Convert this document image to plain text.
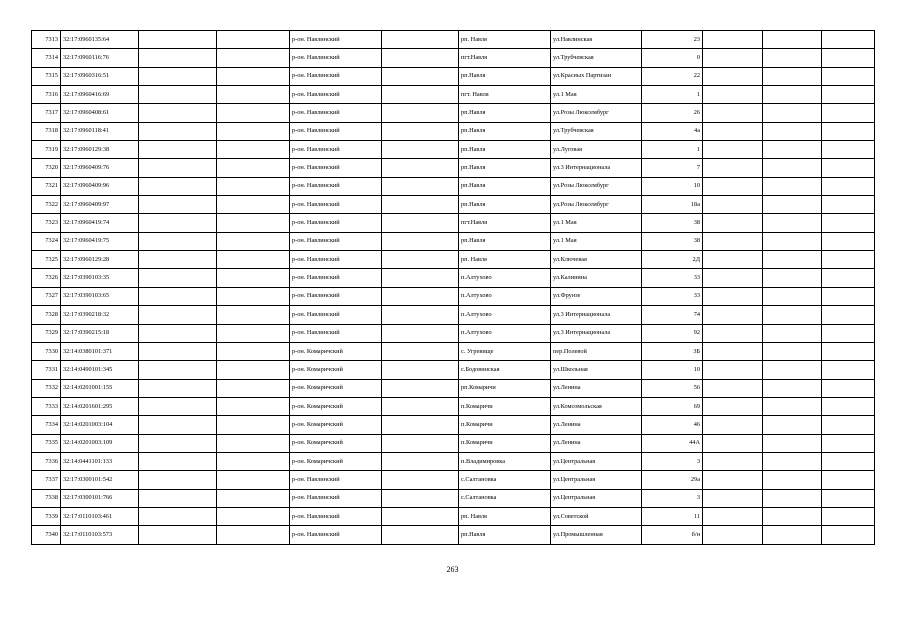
7313	32:17:0960135:64			р-он. Навлинский		рп. Навля	ул.Навлинская	23			
7314	32:17:0960116:76			р-он. Навлинский		пгт.Навля	ул.Трубчевская	0			
7315	32:17:0960316:51			р-он. Навлинский		рп.Навля	ул.Красных Партизан	22			
7316	32:17:0960416:69			р-он. Навлинский		пгт. Навля	ул.1 Мая	1			
7317	32:17:0960408:61			р-он. Навлинский		рп.Навля	ул.Розы Люксембург	26			
7318	32:17:0960118:41			р-он. Навлинский		рп.Навля	ул.Трубчевская	4а			
7319	32:17:0960129:38			р-он. Навлинский		рп.Навля	ул.Луговая	1			
7320	32:17:0960409:76			р-он. Навлинский		рп.Навля	ул.3 Интернационала	7			
7321	32:17:0960409:96			р-он. Навлинский		рп.Навля	ул.Розы Люксембург	10			
7322	32:17:0960409:97			р-он. Навлинский		рп.Навля	ул.Розы Люксембург	18а			
7323	32:17:0960419:74			р-он. Навлинский		пгт.Навля	ул.1 Мая	38			
7324	32:17:0960419:75			р-он. Навлинский		рп.Навля	ул.1 Мая	38			
7325	32:17:0960129:28			р-он. Навлинский		рп. Навля	ул.Ключевая	2Д			
7326	32:17:0390103:35			р-он. Навлинский		п.Алтухово	ул.Калинина	33			
7327	32:17:0390103:65			р-он. Навлинский		п.Алтухово	ул.Фрунзе	33			
7328	32:17:0390218:32			р-он. Навлинский		п.Алтухово	ул.3 Интернационала	74			
7329	32:17:0390215:18			р-он. Навлинский		п.Алтухово	ул.3 Интернационала	92			
7330	32:14:0380101:371			р-он. Комаричский		с. Угревище	пер.Полевой	3Б			
7331	32:14:0490101:345			р-он. Комаричский		с.Бодовинская	ул.Школьная	10			
7332	32:14:0201001:155			р-он. Комаричский		рп.Комаричи	ул.Ленина	56			
7333	32:14:0201601:295			р-он. Комаричский		п.Комаричи	ул.Комсомольская	69			
7334	32:14:0201003:104			р-он. Комаричский		п.Комаричи	ул.Ленина	46			
7335	32:14:0201003:109			р-он. Комаричский		п.Комаричи	ул.Ленина	44А			
7336	32:14:0441101:133			р-он. Комаричский		п.Владимировка	ул.Центральная	3			
7337	32:17:0300101:542			р-он. Навлинский		с.Салтановка	ул.Центральная	29а			
7338	32:17:0300101:766			р-он. Навлинский		с.Салтановка	ул.Центральная	3			
7339	32:17:0110103:461			р-он. Навлинский		рп. Навля	ул.Советской	11			
7340	32:17:0110103:573			р-он. Навлинский		рп.Навля	ул.Промышленная	б/н			
263
